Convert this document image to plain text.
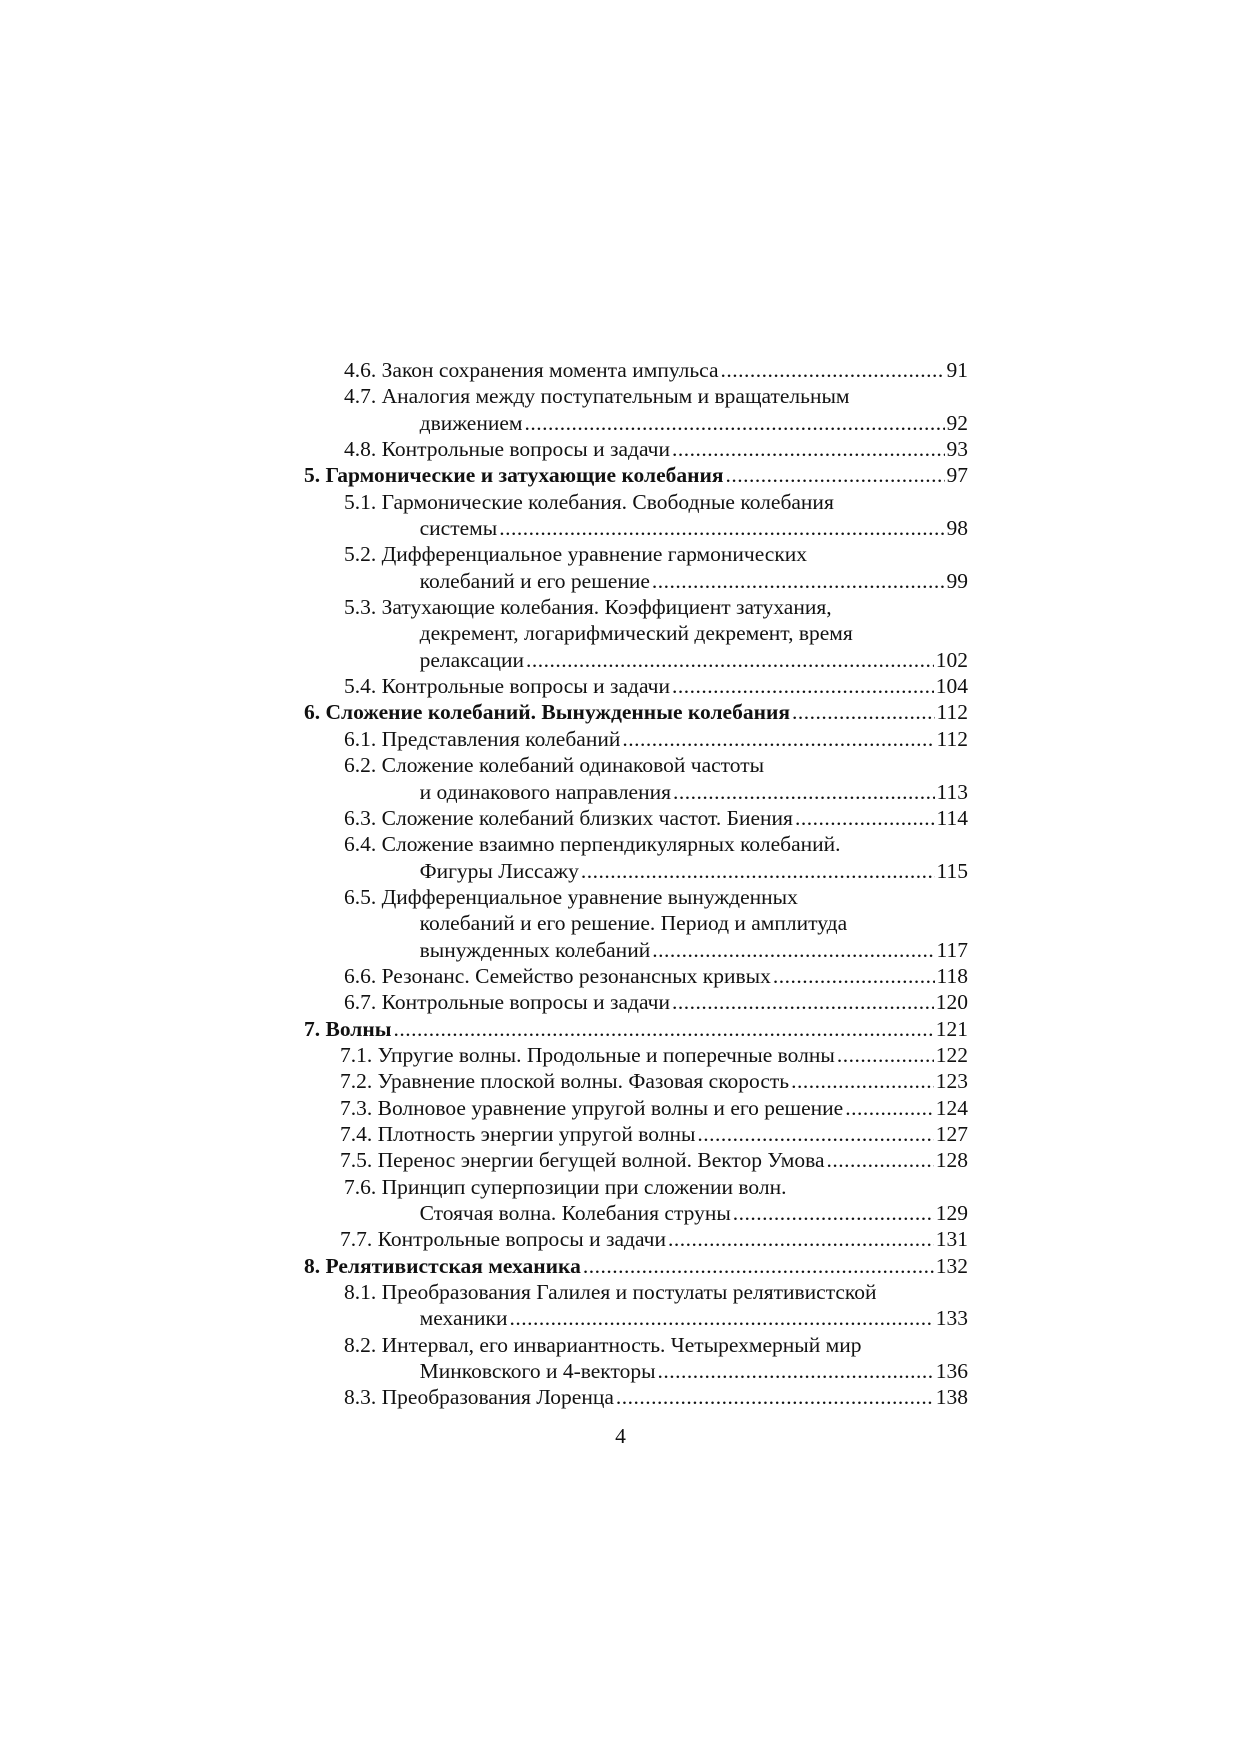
4.6.
Закон сохранения момента импульса .....	91
4.7.
Аналогия между поступательным и вращательным

движением .....	92
4.8.
Контрольные вопросы и задачи .....	93
5.
Гармонические и затухающие колебания .....	97
5.1.
Гармонические колебания. Свободные колебания

системы .....	98
5.2.
Дифференциальное уравнение гармонических

колебаний и его решение .....	99
5.3.
Затухающие колебания. Коэффициент затухания,

декремент, логарифмический декремент, время

релаксации .....	102
5.4.
Контрольные вопросы и задачи .....	104
6.
Сложение колебаний. Вынужденные колебания .....	112
6.1.
Представления колебаний .....	112
6.2.
Сложение колебаний одинаковой частоты

и одинакового направления .....	113
6.3.
Сложение колебаний близких частот. Биения .....	114
6.4.
Сложение взаимно перпендикулярных колебаний.

Фигуры Лиссажу .....	115
6.5.
Дифференциальное уравнение вынужденных

колебаний и его решение. Период и амплитуда

вынужденных колебаний .....	117
6.6.
Резонанс. Семейство резонансных кривых .....	118
6.7.
Контрольные вопросы и задачи .....	120
7.
Волны .....	121
7.1.
Упругие волны. Продольные и поперечные волны .....	122
7.2.
Уравнение плоской волны. Фазовая скорость .....	123
7.3.
Волновое уравнение упругой волны и его решение .....	124
7.4.
Плотность энергии упругой волны .....	127
7.5.
Перенос энергии бегущей волной. Вектор Умова .....	128
7.6.
Принцип суперпозиции при сложении волн.

Стоячая волна. Колебания струны .....	129
7.7.
Контрольные вопросы и задачи .....	131
8.
Релятивистская механика .....	132
8.1.
Преобразования Галилея и постулаты релятивистской

механики .....	133
8.2.
Интервал, его инвариантность. Четырехмерный мир

Минковского и 4-векторы .....	136
8.3.
Преобразования Лоренца .....	138
4
